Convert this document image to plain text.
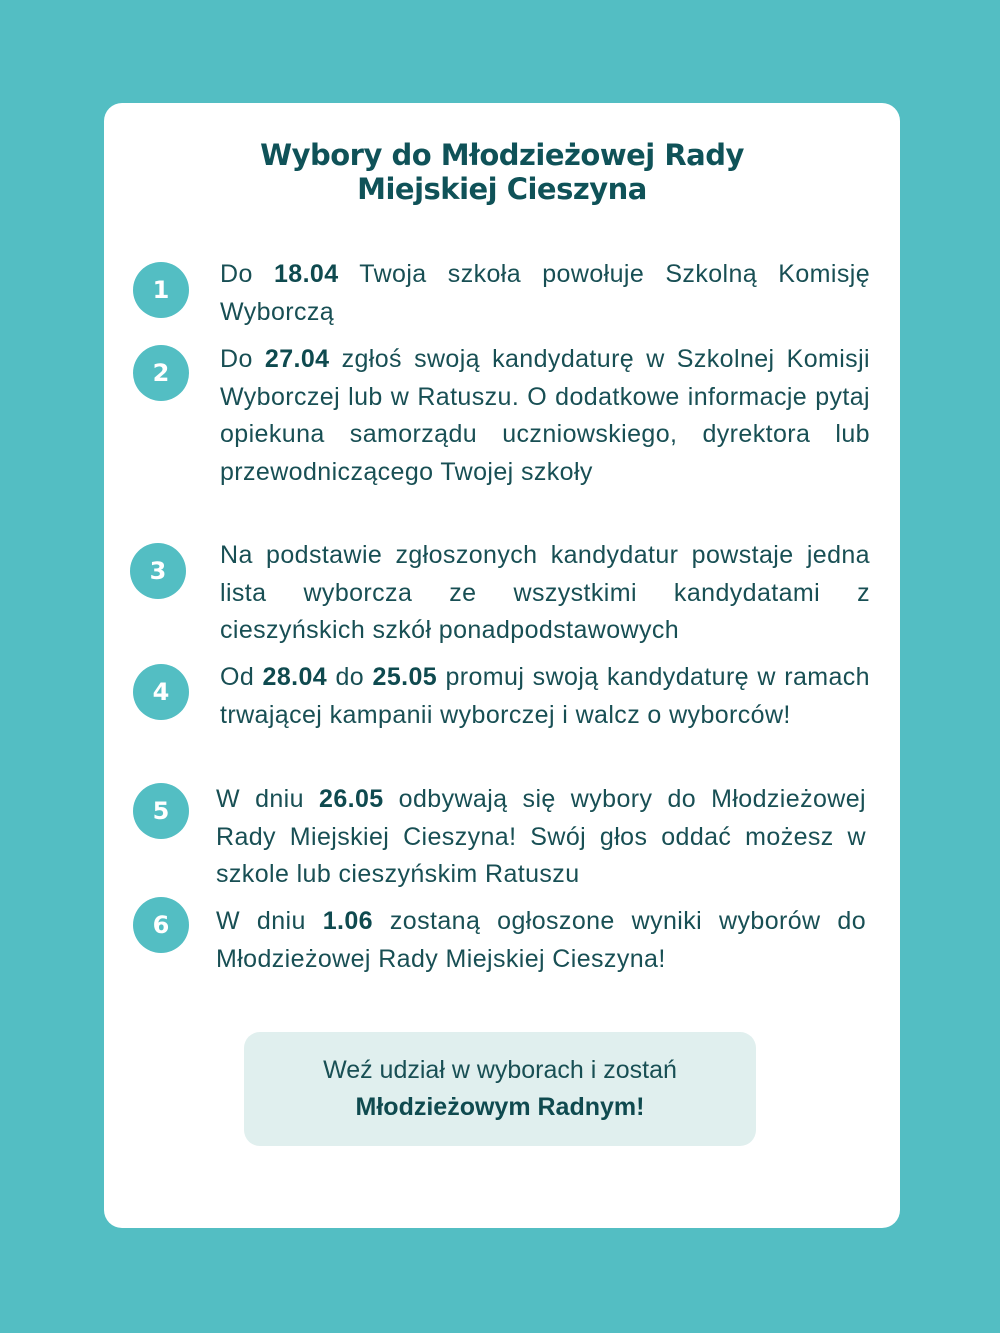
Wybory do Młodzieżowej Rady
Miejskiej Cieszyna
1
Do 18.04 Twoja szkoła powołuje Szkolną Komisję Wyborczą
2	Do 27.04 zgłoś swoją kandydaturę w Szkolnej Komisji Wyborczej lub w Ratuszu. O dodatkowe informacje pytaj opiekuna samorządu uczniowskiego, dyrektora lub przewodniczącego Twojej szkoły
3
Na podstawie zgłoszonych kandydatur powstaje jedna lista wyborcza ze wszystkimi kandydatami z cieszyńskich szkół ponadpodstawowych
4
Od 28.04 do 25.05 promuj swoją kandydaturę w ramach trwającej kampanii wyborczej i walcz o wyborców!
5	W dniu 26.05 odbywają się wybory do Młodzieżowej Rady Miejskiej Cieszyna! Swój głos oddać możesz w szkole lub cieszyńskim Ratuszu
6	W dniu 1.06 zostaną ogłoszone wyniki wyborów do Młodzieżowej Rady Miejskiej Cieszyna!
Weź udział w wyborach i zostań
Młodzieżowym Radnym!
